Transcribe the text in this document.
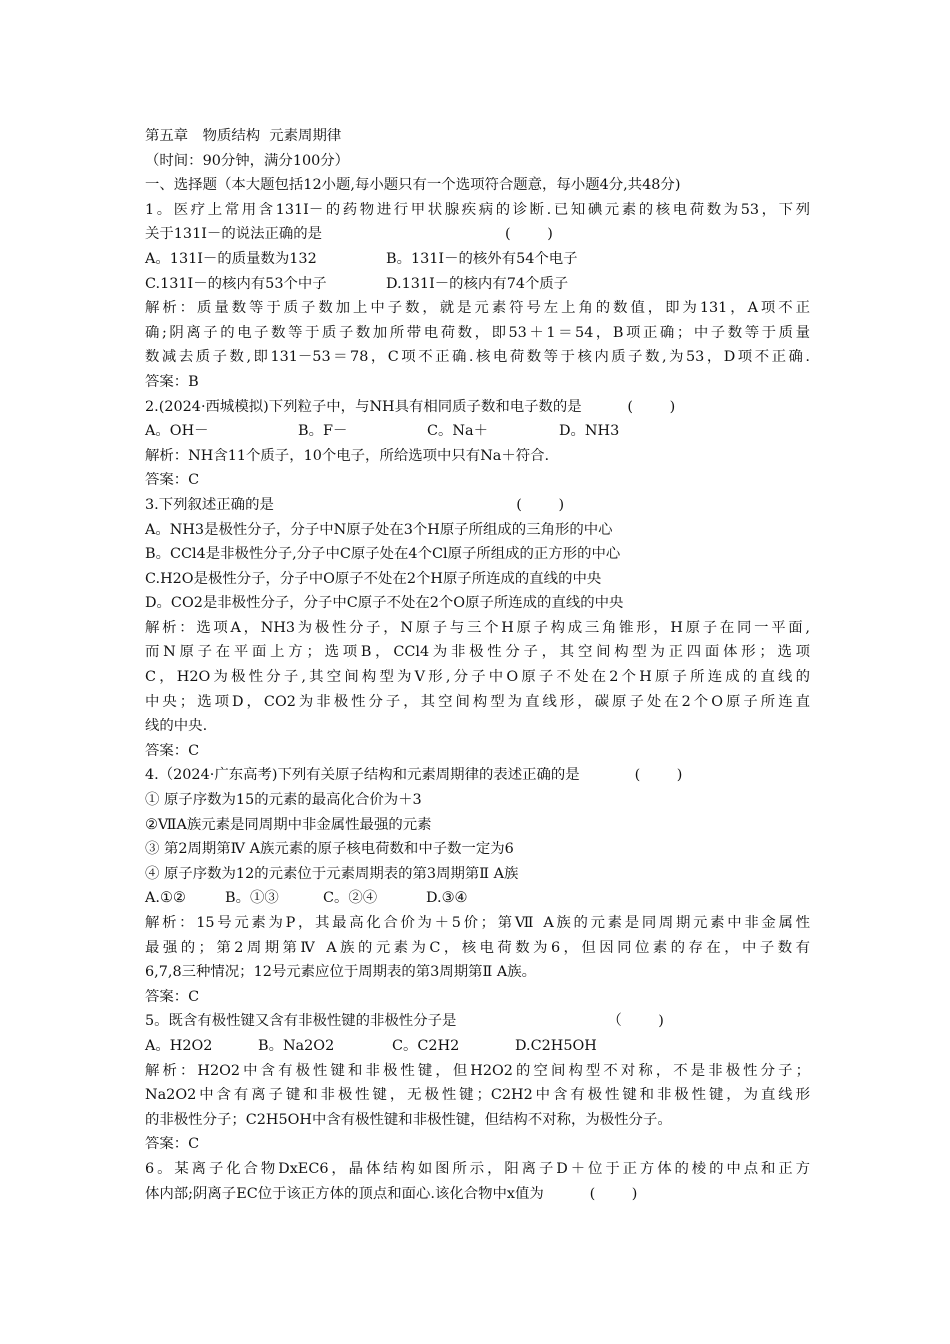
第五章　物质结构  元素周期律
（时间：90分钟，满分100分）
一、选择题（本大题包括12小题,每小题只有一个选项符合题意，每小题4分,共48分)
1。医疗上常用含131I－的药物进行甲状腺疾病的诊断.已知碘元素的核电荷数为53，下列
关于131I－的说法正确的是                                        (        )
A。131I－的质量数为132	B。131I－的核外有54个电子
C.131I－的核内有53个中子	D.131I－的核内有74个质子
解析：质量数等于质子数加上中子数，就是元素符号左上角的数值，即为131，A项不正
确;阴离子的电子数等于质子数加所带电荷数，即53＋1＝54，B项正确；中子数等于质量
数减去质子数,即131－53＝78，C项不正确.核电荷数等于核内质子数,为53，D项不正确.
答案：B
2.(2024·西城模拟)下列粒子中，与NH具有相同质子数和电子数的是          (        )
A。OH－	B。F－	C。Na＋	D。NH3
解析：NH含11个质子，10个电子，所给选项中只有Na＋符合.
答案：C
3.下列叙述正确的是                                                     (        )
A。NH3是极性分子，分子中N原子处在3个H原子所组成的三角形的中心
B。CCl4是非极性分子,分子中C原子处在4个Cl原子所组成的正方形的中心
C.H2O是极性分子，分子中O原子不处在2个H原子所连成的直线的中央
D。CO2是非极性分子，分子中C原子不处在2个O原子所连成的直线的中央
解析：选项A，NH3为极性分子，N原子与三个H原子构成三角锥形，H原子在同一平面,
而N原子在平面上方；选项B，CCl4为非极性分子，其空间构型为正四面体形；选项
C，H2O为极性分子,其空间构型为V形,分子中O原子不处在2个H原子所连成的直线的
中央；选项D，CO2为非极性分子，其空间构型为直线形，碳原子处在2个O原子所连直
线的中央.
答案：C
4.（2024·广东高考)下列有关原子结构和元素周期律的表述正确的是            (        )
① 原子序数为15的元素的最高化合价为＋3
②ⅦA族元素是同周期中非金属性最强的元素
③ 第2周期第Ⅳ A族元素的原子核电荷数和中子数一定为6
④ 原子序数为12的元素位于元素周期表的第3周期第Ⅱ A族
A.①②	B。①③	C。②④	D.③④
解析：15号元素为P，其最高化合价为＋5价；第Ⅶ A族的元素是同周期元素中非金属性
最强的；第2周期第Ⅳ A族的元素为C，核电荷数为6，但因同位素的存在，中子数有
6,7,8三种情况；12号元素应位于周期表的第3周期第Ⅱ A族。
答案：C
5。既含有极性键又含有非极性键的非极性分子是                                 （        )
A。H2O2	B。Na2O2	C。C2H2	D.C2H5OH
解析：H2O2中含有极性键和非极性键，但H2O2的空间构型不对称，不是非极性分子；
Na2O2中含有离子键和非极性键，无极性键；C2H2中含有极性键和非极性键，为直线形
的非极性分子；C2H5OH中含有极性键和非极性键，但结构不对称，为极性分子。
答案：C
6。某离子化合物DxEC6，晶体结构如图所示，阳离子D＋位于正方体的棱的中点和正方
体内部;阴离子EC位于该正方体的顶点和面心.该化合物中x值为          (        )
